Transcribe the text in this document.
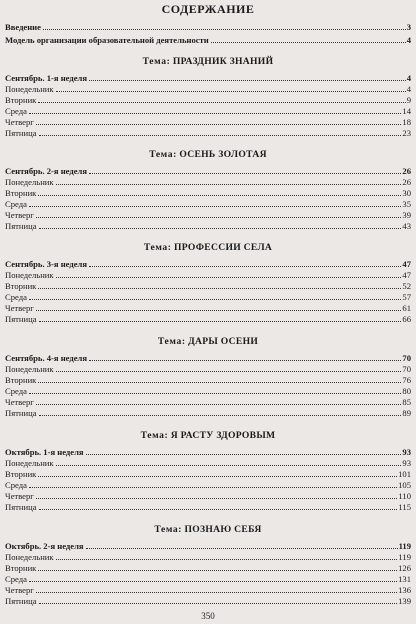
СОДЕРЖАНИЕ
Введение	3
Модель организации образовательной деятельности	4
Тема: ПРАЗДНИК ЗНАНИЙ
Сентябрь. 1-я неделя	4
Понедельник	4
Вторник	9
Среда	14
Четверг	18
Пятница	23
Тема: ОСЕНЬ ЗОЛОТАЯ
Сентябрь. 2-я неделя	26
Понедельник	26
Вторник	30
Среда	35
Четверг	39
Пятница	43
Тема: ПРОФЕССИИ СЕЛА
Сентябрь. 3-я неделя	47
Понедельник	47
Вторник	52
Среда	57
Четверг	61
Пятница	66
Тема: ДАРЫ ОСЕНИ
Сентябрь. 4-я неделя	70
Понедельник	70
Вторник	76
Среда	80
Четверг	85
Пятница	89
Тема: Я РАСТУ ЗДОРОВЫМ
Октябрь. 1-я неделя	93
Понедельник	93
Вторник	101
Среда	105
Четверг	110
Пятница	115
Тема: ПОЗНАЮ СЕБЯ
Октябрь. 2-я неделя	119
Понедельник	119
Вторник	126
Среда	131
Четверг	136
Пятница	139
350
